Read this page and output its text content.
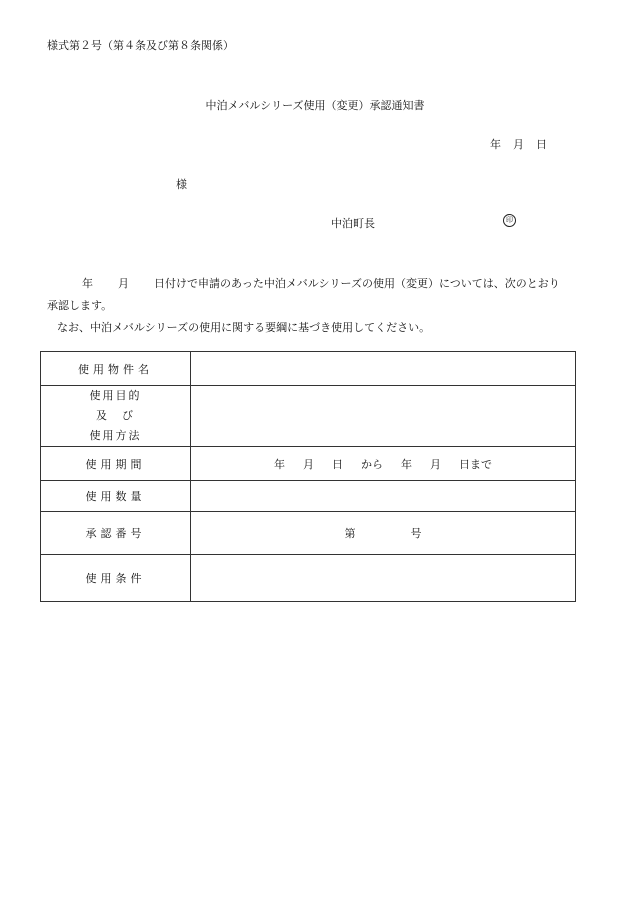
様式第２号（第４条及び第８条関係）
中泊メバルシリーズ使用（変更）承認通知書
年 月 日
様
中泊町長	印

年 月 日付けで申請のあった中泊メバルシリーズの使用（変更）については、次のとおり

承認します。

なお、中泊メバルシリーズの使用に関する要綱に基づき使用してください。

使用物件名	

使用目的
及　び
使用方法	

使用期間	年 月 日 から 年 月 日まで
使用数量	
承認番号	第 号
使用条件	
